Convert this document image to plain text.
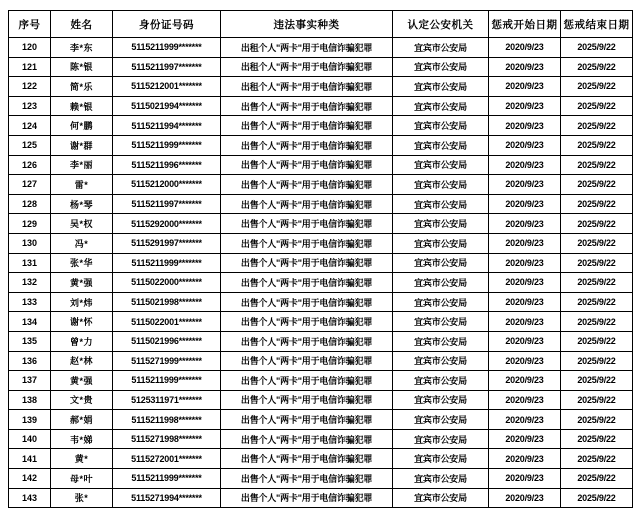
序号	姓名	身份证号码	违法事实种类	认定公安机关	惩戒开始日期	惩戒结束日期
120	李*东	5115211999*******	出租个人"两卡"用于电信诈骗犯罪	宜宾市公安局	2020/9/23	2025/9/22
121	陈*银	5115211997*******	出租个人"两卡"用于电信诈骗犯罪	宜宾市公安局	2020/9/23	2025/9/22
122	简*乐	5115212001*******	出租个人"两卡"用于电信诈骗犯罪	宜宾市公安局	2020/9/23	2025/9/22
123	赖*银	5115021994*******	出售个人"两卡"用于电信诈骗犯罪	宜宾市公安局	2020/9/23	2025/9/22
124	何*鹏	5115211994*******	出售个人"两卡"用于电信诈骗犯罪	宜宾市公安局	2020/9/23	2025/9/22
125	谢*群	5115211999*******	出售个人"两卡"用于电信诈骗犯罪	宜宾市公安局	2020/9/23	2025/9/22
126	李*丽	5115211996*******	出售个人"两卡"用于电信诈骗犯罪	宜宾市公安局	2020/9/23	2025/9/22
127	雷*	5115212000*******	出售个人"两卡"用于电信诈骗犯罪	宜宾市公安局	2020/9/23	2025/9/22
128	杨*琴	5115211997*******	出售个人"两卡"用于电信诈骗犯罪	宜宾市公安局	2020/9/23	2025/9/22
129	吴*权	5115292000*******	出售个人"两卡"用于电信诈骗犯罪	宜宾市公安局	2020/9/23	2025/9/22
130	冯*	5115291997*******	出售个人"两卡"用于电信诈骗犯罪	宜宾市公安局	2020/9/23	2025/9/22
131	张*华	5115211999*******	出售个人"两卡"用于电信诈骗犯罪	宜宾市公安局	2020/9/23	2025/9/22
132	黄*强	5115022000*******	出售个人"两卡"用于电信诈骗犯罪	宜宾市公安局	2020/9/23	2025/9/22
133	刘*炜	5115021998*******	出售个人"两卡"用于电信诈骗犯罪	宜宾市公安局	2020/9/23	2025/9/22
134	谢*怀	5115022001*******	出售个人"两卡"用于电信诈骗犯罪	宜宾市公安局	2020/9/23	2025/9/22
135	曾*力	5115021996*******	出售个人"两卡"用于电信诈骗犯罪	宜宾市公安局	2020/9/23	2025/9/22
136	赵*林	5115271999*******	出售个人"两卡"用于电信诈骗犯罪	宜宾市公安局	2020/9/23	2025/9/22
137	黄*强	5115211999*******	出售个人"两卡"用于电信诈骗犯罪	宜宾市公安局	2020/9/23	2025/9/22
138	文*贵	5125311971*******	出售个人"两卡"用于电信诈骗犯罪	宜宾市公安局	2020/9/23	2025/9/22
139	郝*娟	5115211998*******	出售个人"两卡"用于电信诈骗犯罪	宜宾市公安局	2020/9/23	2025/9/22
140	韦*娣	5115271998*******	出售个人"两卡"用于电信诈骗犯罪	宜宾市公安局	2020/9/23	2025/9/22
141	黄*	5115272001*******	出售个人"两卡"用于电信诈骗犯罪	宜宾市公安局	2020/9/23	2025/9/22
142	母*叶	5115211999*******	出售个人"两卡"用于电信诈骗犯罪	宜宾市公安局	2020/9/23	2025/9/22
143	张*	5115271994*******	出售个人"两卡"用于电信诈骗犯罪	宜宾市公安局	2020/9/23	2025/9/22
